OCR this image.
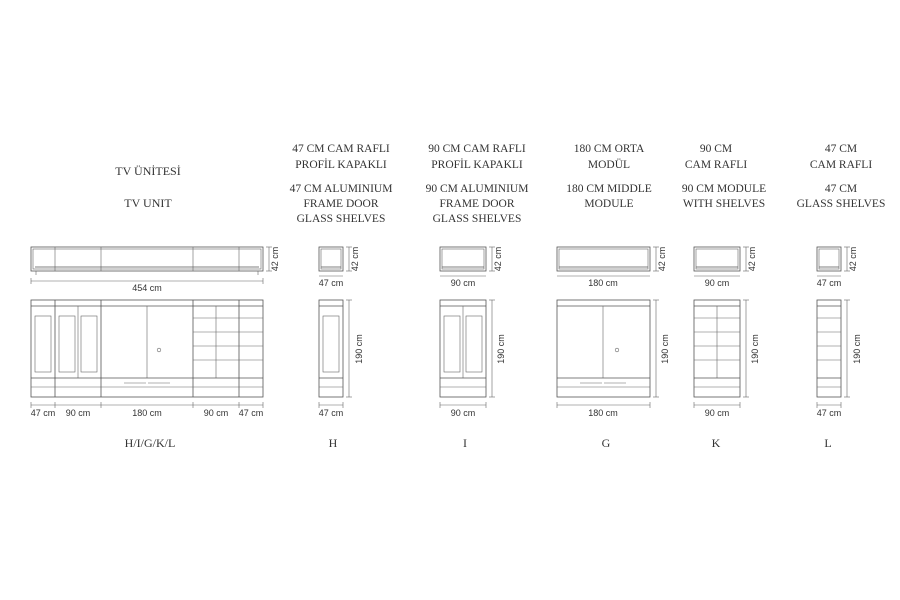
TV ÜNİTESİ
TV UNIT
47 CM CAM RAFLI
PROFİL KAPAKLI
47 CM ALUMINIUM
FRAME DOOR
GLASS SHELVES
90 CM CAM RAFLI
PROFİL KAPAKLI
90 CM ALUMINIUM
FRAME DOOR
GLASS SHELVES
180 CM ORTA
MODÜL
180 CM MIDDLE
MODULE
90 CM
CAM RAFLI
90 CM MODULE
WITH SHELVES
47 CM
CAM RAFLI
47 CM
GLASS SHELVES
42 cm
454 cm
47 cm 90 cm	180 cm	90 cm 47 cm
H/I/G/K/L
42 cm
47 cm
190 cm
47 cm
H
42 cm
90 cm
190 cm
90 cm
I
42 cm
180 cm
190 cm
180 cm
G
42 cm
90 cm
190 cm
90 cm
K
42 cm
47 cm
190 cm
47 cm
L
